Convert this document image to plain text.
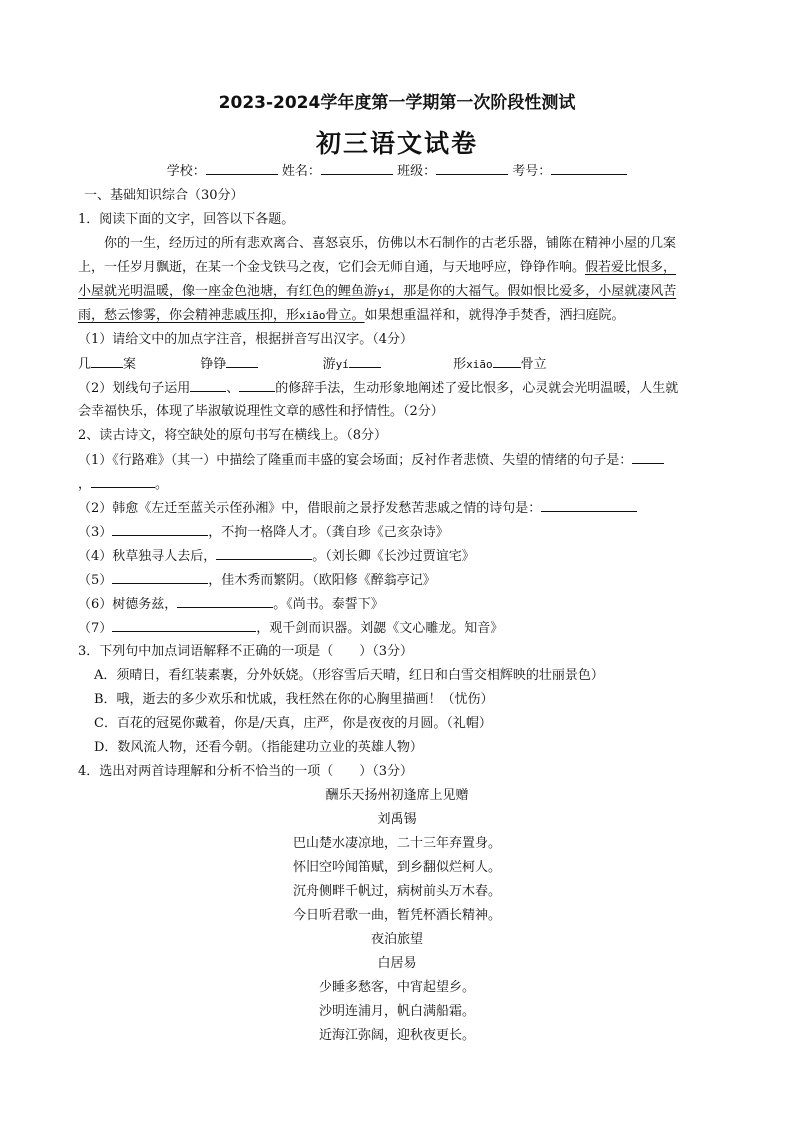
2023-2024学年度第一学期第一次阶段性测试
初三语文试卷
学校：	姓名：	班级：	考号：
一、基础知识综合（30分）
1．阅读下面的文字，回答以下各题。
你的一生，经历过的所有悲欢离合、喜怒哀乐，仿佛以木石制作的古老乐器，铺陈在精神小屋的几案
上，一任岁月飘逝，在某一个金戈铁马之夜，它们会无师自通，与天地呼应，铮铮作响。假若爱比恨多，
小屋就光明温暖，像一座金色池塘，有红色的鲤鱼游yí，那是你的大福气。假如恨比爱多，小屋就凄风苦
雨，愁云惨雾，你会精神悲戚压抑，形xiāo骨立。如果想重温祥和，就得净手焚香，洒扫庭院。
（1）请给文中的加点字注音，根据拼音写出汉字。（4分）
几 案	铮铮	游yí	形xiāo 骨立
（2）划线句子运用	、	的修辞手法，生动形象地阐述了爱比恨多，心灵就会光明温暖，人生就
会幸福快乐，体现了毕淑敏说理性文章的感性和抒情性。（2分）
2、读古诗文，将空缺处的原句书写在横线上。（8分）
（1）《行路难》（其一）中描绘了隆重而丰盛的宴会场面；反衬作者悲愤、失望的情绪的句子是：
，	。
（2）韩愈《左迁至蓝关示侄孙湘》中，借眼前之景抒发愁苦悲戚之情的诗句是：
（3）	，不拘一格降人才。（龚自珍《己亥杂诗》
（4）秋草独寻人去后，	。（刘长卿《长沙过贾谊宅》
（5）	，佳木秀而繁阴。（欧阳修《醉翁亭记》
（6）树德务兹，	。《尚书。泰誓下》
（7）	，观千剑而识器。刘勰《文心雕龙。知音》
3．下列句中加点词语解释不正确的一项是（　　）（3分）
A．须晴日，看红装素裹，分外妖娆。（形容雪后天晴，红日和白雪交相辉映的壮丽景色）
B．哦，逝去的多少欢乐和忧戚，我枉然在你的心胸里描画！（忧伤）
C．百花的冠冕你戴着，你是/天真，庄严，你是夜夜的月圆。（礼帽）
D．数风流人物，还看今朝。（指能建功立业的英雄人物）
4．选出对两首诗理解和分析不恰当的一项（　　）（3分）
酬乐天扬州初逢席上见赠
刘禹锡
巴山楚水凄凉地，二十三年弃置身。
怀旧空吟闻笛赋，到乡翻似烂柯人。
沉舟侧畔千帆过，病树前头万木春。
今日听君歌一曲，暂凭杯酒长精神。
夜泊旅望
白居易
少睡多愁客，中宵起望乡。
沙明连浦月，帆白满船霜。
近海江弥阔，迎秋夜更长。
